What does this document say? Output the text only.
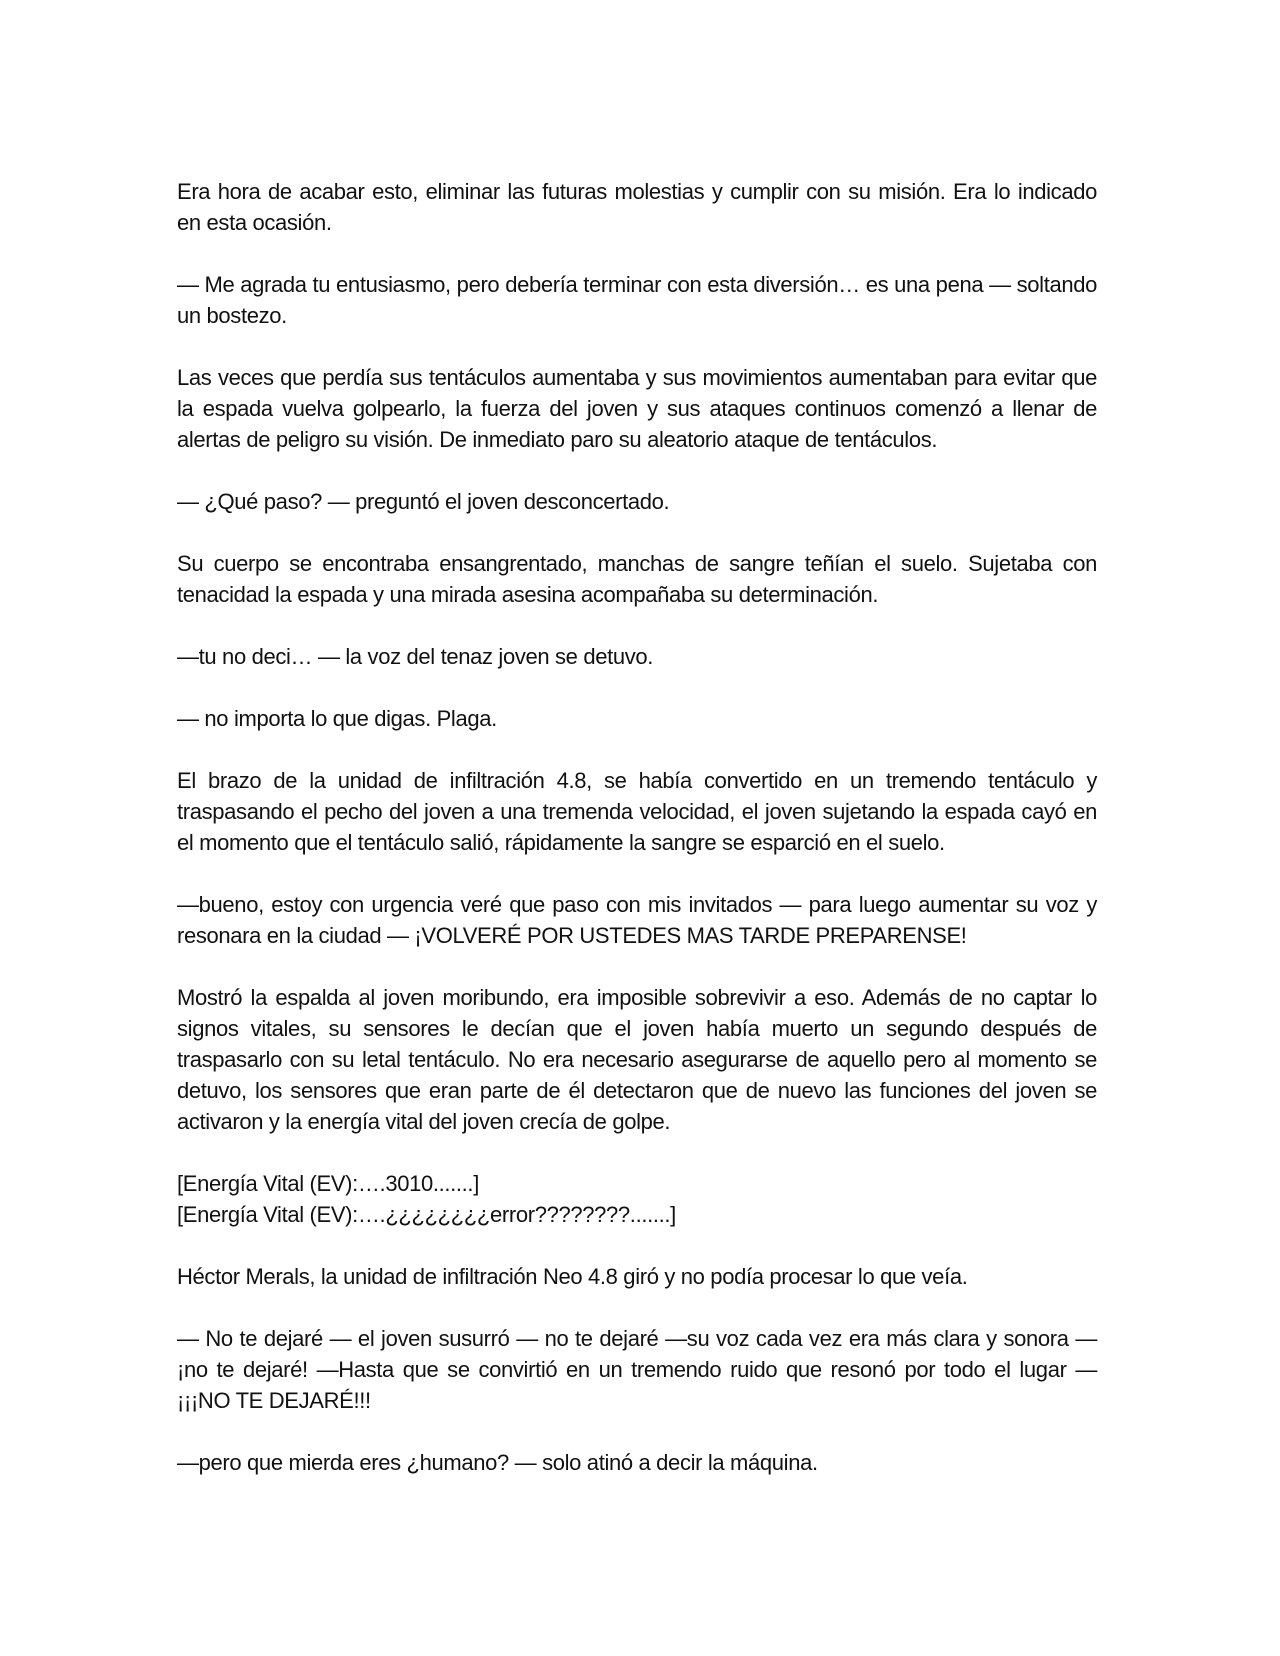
Era hora de acabar esto, eliminar las futuras molestias y cumplir con su misión. Era lo indicado en esta ocasión.

— Me agrada tu entusiasmo, pero debería terminar con esta diversión… es una pena — soltando un bostezo.

Las veces que perdía sus tentáculos aumentaba y sus movimientos aumentaban para evitar que la espada vuelva golpearlo, la fuerza del joven y sus ataques continuos comenzó a llenar de alertas de peligro su visión. De inmediato paro su aleatorio ataque de tentáculos.

— ¿Qué paso? — preguntó el joven desconcertado.

Su cuerpo se encontraba ensangrentado, manchas de sangre teñían el suelo. Sujetaba con tenacidad la espada y una mirada asesina acompañaba su determinación.

—tu no deci… — la voz del tenaz joven se detuvo.

— no importa lo que digas. Plaga.

El brazo de la unidad de infiltración 4.8, se había convertido en un tremendo tentáculo y traspasando el pecho del joven a una tremenda velocidad, el joven sujetando la espada cayó en el momento que el tentáculo salió, rápidamente la sangre se esparció en el suelo.

—bueno, estoy con urgencia veré que paso con mis invitados — para luego aumentar su voz y resonara en la ciudad — ¡VOLVERÉ POR USTEDES MAS TARDE PREPARENSE!

Mostró la espalda al joven moribundo, era imposible sobrevivir a eso. Además de no captar lo signos vitales, su sensores le decían que el joven había muerto un segundo después de traspasarlo con su letal tentáculo. No era necesario asegurarse de aquello pero al momento se detuvo, los sensores que eran parte de él detectaron que de nuevo las funciones del joven se activaron y la energía vital del joven crecía de golpe.

[Energía Vital (EV):….3010.......]
[Energía Vital (EV):….¿¿¿¿¿¿¿¿error????????.......]

Héctor Merals, la unidad de infiltración Neo 4.8 giró y no podía procesar lo que veía.

— No te dejaré — el joven susurró — no te dejaré —su voz cada vez era más clara y sonora — ¡no te dejaré! —Hasta que se convirtió en un tremendo ruido que resonó por todo el lugar —¡¡¡NO TE DEJARÉ!!!

—pero que mierda eres ¿humano? — solo atinó a decir la máquina.
